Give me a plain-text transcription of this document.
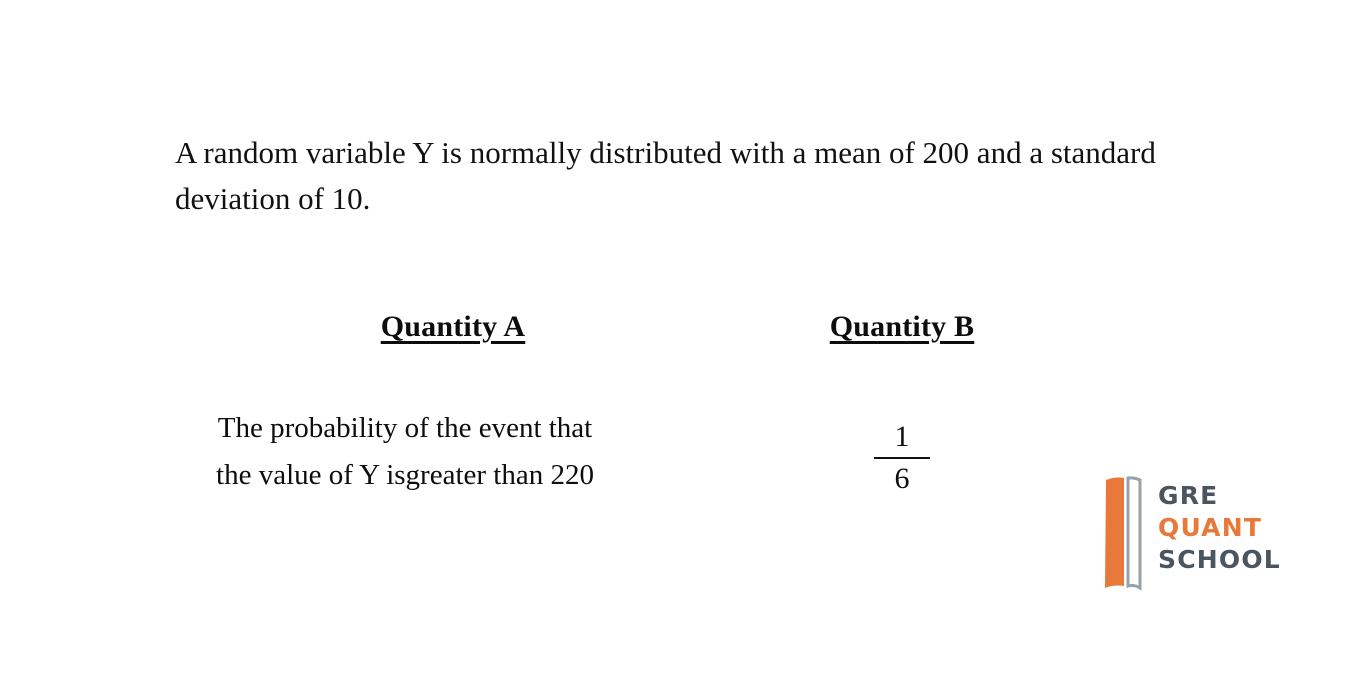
A random variable Y is normally distributed with a mean of 200 and a standard deviation of 10.
Quantity A	Quantity B
The probability of the event that the value of Y isgreater than 220
1
6
GRE
QUANT
SCHOOL
